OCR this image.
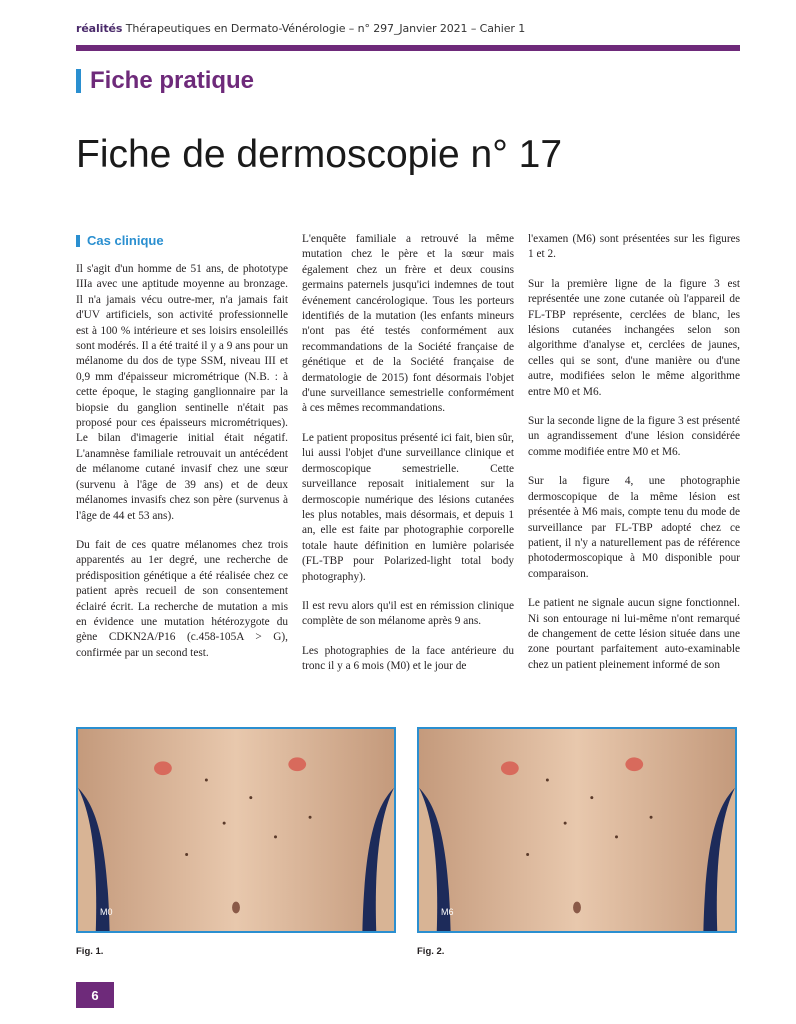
réalités Thérapeutiques en Dermato-Vénérologie – n° 297_Janvier 2021 – Cahier 1
Fiche pratique
Fiche de dermoscopie n° 17
Cas clinique

Il s'agit d'un homme de 51 ans, de phototype IIIa avec une aptitude moyenne au bronzage. Il n'a jamais vécu outre-mer, n'a jamais fait d'UV artificiels, son activité professionnelle est à 100 % intérieure et ses loisirs ensoleillés sont modérés. Il a été traité il y a 9 ans pour un mélanome du dos de type SSM, niveau III et 0,9 mm d'épaisseur micrométrique (N.B. : à cette époque, le staging ganglionnaire par la biopsie du ganglion sentinelle n'était pas proposé pour ces épaisseurs micrométriques). Le bilan d'imagerie initial était négatif. L'anamnèse familiale retrouvait un antécédent de mélanome cutané invasif chez une sœur (survenu à l'âge de 39 ans) et de deux mélanomes invasifs chez son père (survenus à l'âge de 44 et 53 ans).

Du fait de ces quatre mélanomes chez trois apparentés au 1er degré, une recherche de prédisposition génétique a été réalisée chez ce patient après recueil de son consentement éclairé écrit. La recherche de mutation a mis en évidence une mutation hétérozygote du gène CDKN2A/P16 (c.458-105A > G), confirmée par un second test.

L'enquête familiale a retrouvé la même mutation chez le père et la sœur mais également chez un frère et deux cousins germains paternels jusqu'ici indemnes de tout événement cancérologique. Tous les porteurs identifiés de la mutation (les enfants mineurs n'ont pas été testés conformément aux recommandations de la Société française de génétique et de la Société française de dermatologie de 2015) font désormais l'objet d'une surveillance semestrielle conformément à ces mêmes recommandations.

Le patient propositus présenté ici fait, bien sûr, lui aussi l'objet d'une surveillance clinique et dermoscopique semestrielle. Cette surveillance reposait initialement sur la dermoscopie numérique des lésions cutanées les plus notables, mais désormais, et depuis 1 an, elle est faite par photographie corporelle totale haute définition en lumière polarisée (FL-TBP pour Polarized-light total body photography).

Il est revu alors qu'il est en rémission clinique complète de son mélanome après 9 ans.

Les photographies de la face antérieure du tronc il y a 6 mois (M0) et le jour de

l'examen (M6) sont présentées sur les figures 1 et 2.

Sur la première ligne de la figure 3 est représentée une zone cutanée où l'appareil de FL-TBP représente, cerclées de blanc, les lésions cutanées inchangées selon son algorithme d'analyse et, cerclées de jaunes, celles qui se sont, d'une manière ou d'une autre, modifiées selon le même algorithme entre M0 et M6.

Sur la seconde ligne de la figure 3 est présenté un agrandissement d'une lésion considérée comme modifiée entre M0 et M6.

Sur la figure 4, une photographie dermoscopique de la même lésion est présentée à M6 mais, compte tenu du mode de surveillance par FL-TBP adopté chez ce patient, il n'y a naturellement pas de référence photodermoscopique à M0 disponible pour comparaison.

Le patient ne signale aucun signe fonctionnel. Ni son entourage ni lui-même n'ont remarqué de changement de cette lésion située dans une zone pourtant parfaitement auto-examinable chez un patient pleinement informé de son

M0	M6
Fig. 1.	Fig. 2.
6
